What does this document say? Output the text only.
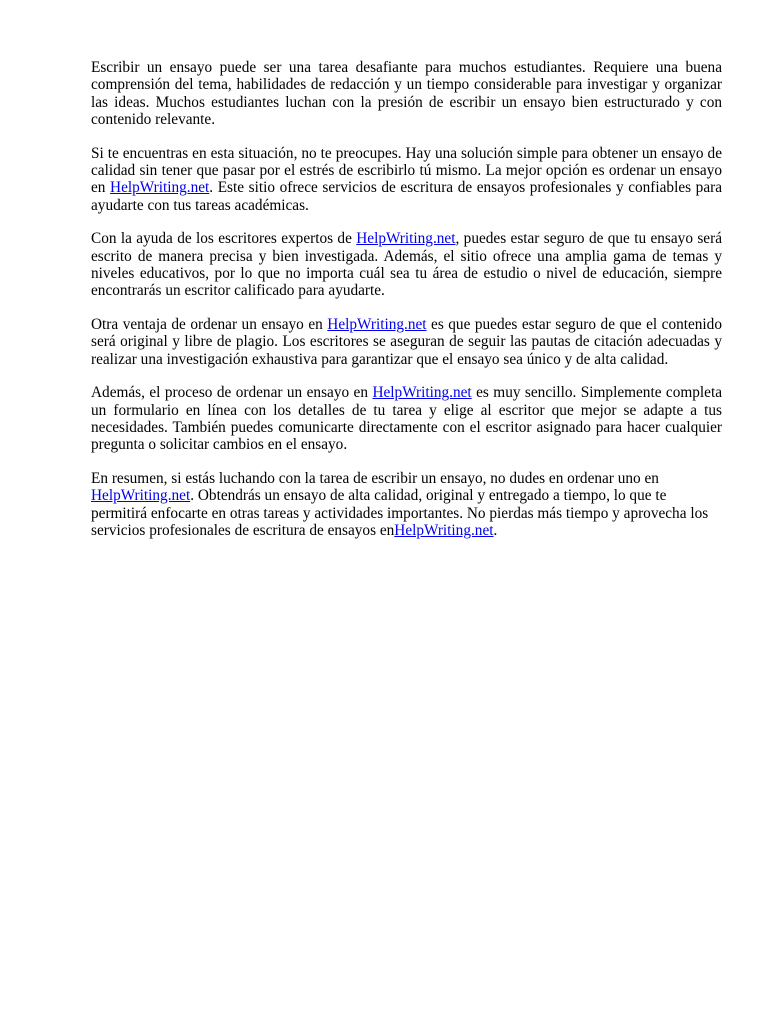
Escribir un ensayo puede ser una tarea desafiante para muchos estudiantes. Requiere una buena comprensión del tema, habilidades de redacción y un tiempo considerable para investigar y organizar las ideas. Muchos estudiantes luchan con la presión de escribir un ensayo bien estructurado y con contenido relevante.

Si te encuentras en esta situación, no te preocupes. Hay una solución simple para obtener un ensayo de calidad sin tener que pasar por el estrés de escribirlo tú mismo. La mejor opción es ordenar un ensayo en HelpWriting.net. Este sitio ofrece servicios de escritura de ensayos profesionales y confiables para ayudarte con tus tareas académicas.

Con la ayuda de los escritores expertos de HelpWriting.net, puedes estar seguro de que tu ensayo será escrito de manera precisa y bien investigada. Además, el sitio ofrece una amplia gama de temas y niveles educativos, por lo que no importa cuál sea tu área de estudio o nivel de educación, siempre encontrarás un escritor calificado para ayudarte.

Otra ventaja de ordenar un ensayo en HelpWriting.net es que puedes estar seguro de que el contenido será original y libre de plagio. Los escritores se aseguran de seguir las pautas de citación adecuadas y realizar una investigación exhaustiva para garantizar que el ensayo sea único y de alta calidad.

Además, el proceso de ordenar un ensayo en HelpWriting.net es muy sencillo. Simplemente completa un formulario en línea con los detalles de tu tarea y elige al escritor que mejor se adapte a tus necesidades. También puedes comunicarte directamente con el escritor asignado para hacer cualquier pregunta o solicitar cambios en el ensayo.

En resumen, si estás luchando con la tarea de escribir un ensayo, no dudes en ordenar uno en HelpWriting.net. Obtendrás un ensayo de alta calidad, original y entregado a tiempo, lo que te permitirá enfocarte en otras tareas y actividades importantes. No pierdas más tiempo y aprovecha los servicios profesionales de escritura de ensayos enHelpWriting.net.
